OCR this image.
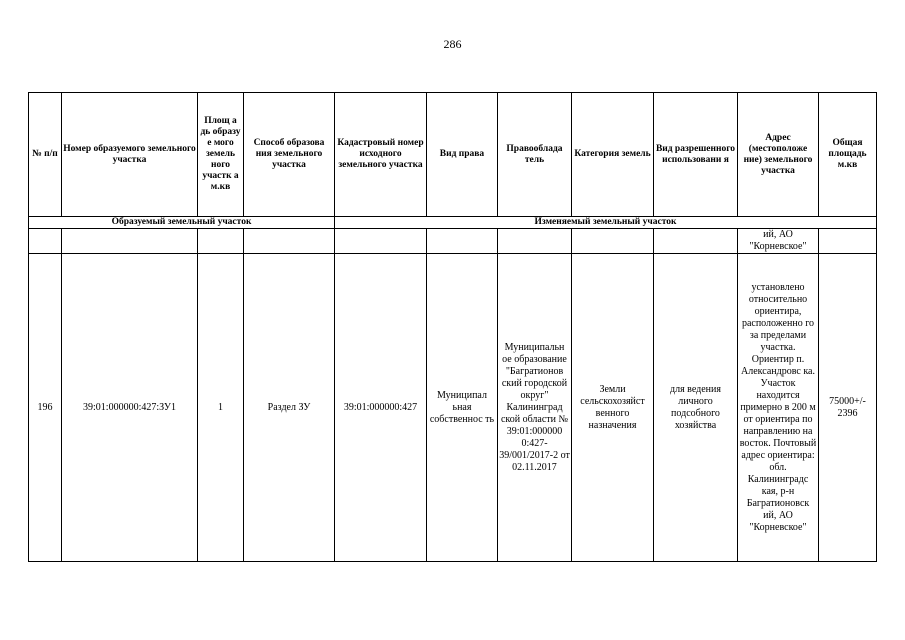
286
№ п/п	Номер образуемого земельного участка	Площ а дь образу е мого земель ного участк а м.кв	Способ образова ния земельного участка	Кадастровый номер исходного земельного участка	Вид права	Правооблада тель	Категория земель	Вид разрешенного использовани я	Адрес (местоположе ние) земельного участка	Общая площадь м.кв
Образуемый земельный участок				Изменяемый земельный участок						
									ий, АО "Корневское"	
196	39:01:000000:427:ЗУ1	1	Раздел ЗУ	39:01:000000:427	Муниципал ьная собственнос ть	Муниципальн ое образование "Багратионов ский городской округ" Калининград ской области № 39:01:000000 0:427- 39/001/2017-2 от 02.11.2017	Земли сельскохозяйст венного назначения	для ведения личного подсобного хозяйства	установлено относительно ориентира, расположенно го за пределами участка. Ориентир п. Александровс ка. Участок находится примерно в 200 м от ориентира по направлению на восток. Почтовый адрес ориентира: обл. Калининградс кая, р-н Багратионовск ий, АО "Корневское"	75000+/- 2396
